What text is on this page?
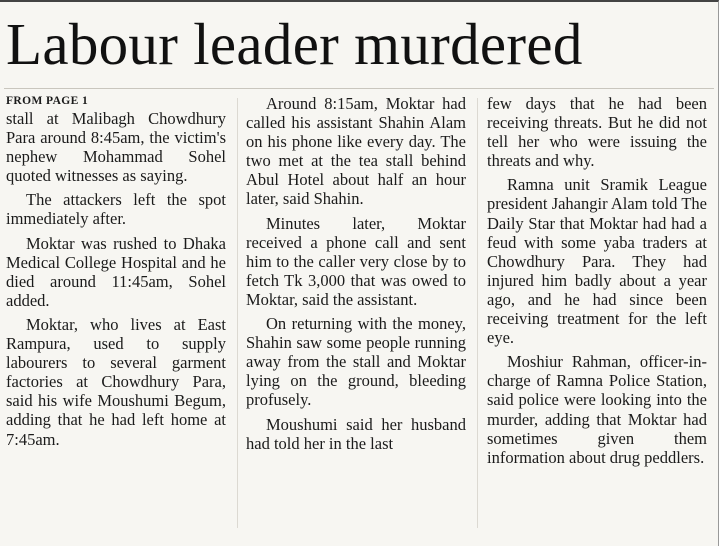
Labour leader murdered
FROM PAGE 1

stall at Malibagh Chowdhury Para around 8:45am, the victim's nephew Mohammad Sohel quoted witnesses as saying.

The attackers left the spot immediately after.

Moktar was rushed to Dhaka Medical College Hospital and he died around 11:45am, Sohel added.

Moktar, who lives at East Rampura, used to supply labourers to several garment factories at Chowdhury Para, said his wife Moushumi Begum, adding that he had left home at 7:45am.

Around 8:15am, Moktar had called his assistant Shahin Alam on his phone like every day. The two met at the tea stall behind Abul Hotel about half an hour later, said Shahin.

Minutes later, Moktar received a phone call and sent him to the caller very close by to fetch Tk 3,000 that was owed to Moktar, said the assistant.

On returning with the money, Shahin saw some people running away from the stall and Moktar lying on the ground, bleeding profusely.

Moushumi said her husband had told her in the last

few days that he had been receiving threats. But he did not tell her who were issuing the threats and why.

Ramna unit Sramik League president Jahangir Alam told The Daily Star that Moktar had had a feud with some yaba traders at Chowdhury Para. They had injured him badly about a year ago, and he had since been receiving treatment for the left eye.

Moshiur Rahman, officer-in-charge of Ramna Police Station, said police were looking into the murder, adding that Moktar had sometimes given them information about drug peddlers.
